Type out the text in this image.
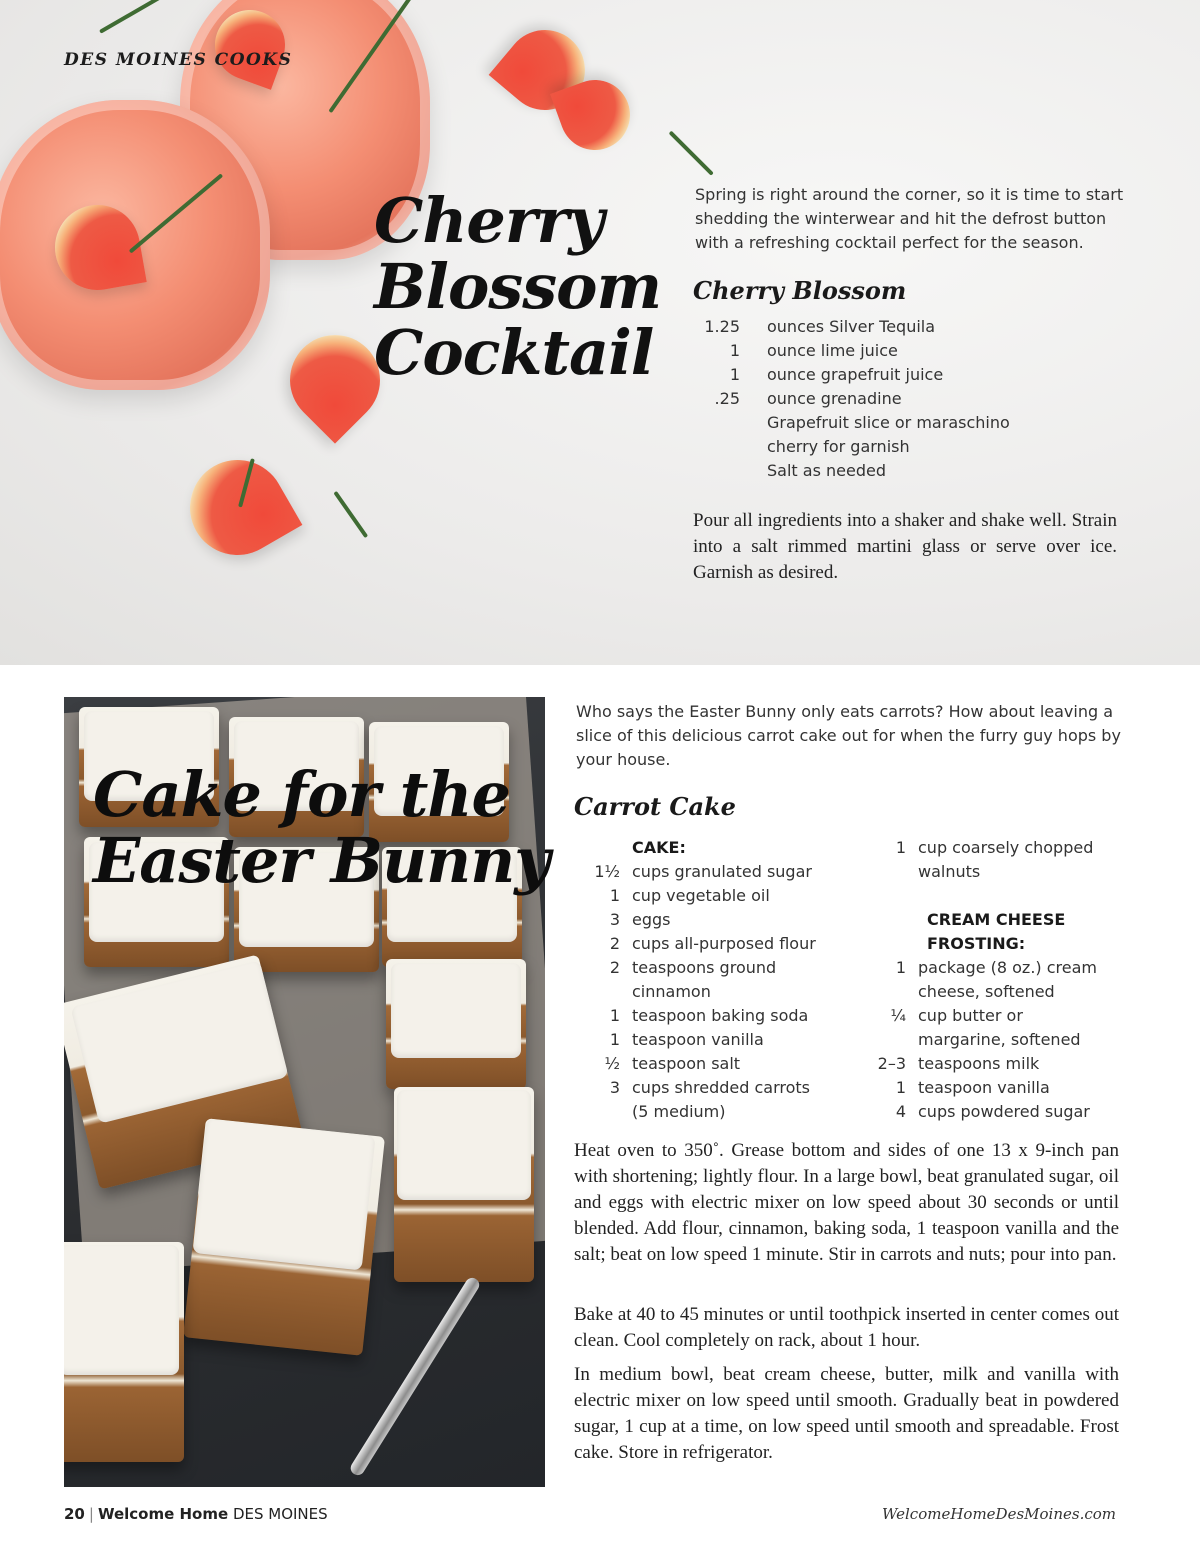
DES MOINES COOKS
Cherry
Blossom
Cocktail
Spring is right around the corner, so it is time to start shedding the winterwear and hit the defrost button with a refreshing cocktail perfect for the season.
Cherry Blossom
1.25	ounces Silver Tequila
1	ounce lime juice
1	ounce grapefruit juice
.25	ounce grenadine
Grapefruit slice or maraschino cherry for garnish
Salt as needed
Pour all ingredients into a shaker and shake well. Strain into a salt rimmed martini glass or serve over ice. Garnish as desired.
Cake for the
Easter Bunny
Who says the Easter Bunny only eats carrots? How about leaving a slice of this delicious carrot cake out for when the furry guy hops by your house.
Carrot Cake
CAKE:
1½ cups granulated sugar
1 cup vegetable oil
3 eggs
2 cups all-purposed flour
2 teaspoons ground cinnamon
1 teaspoon baking soda
1 teaspoon vanilla
½ teaspoon salt
3 cups shredded carrots (5 medium)
1 cup coarsely chopped walnuts
CREAM CHEESE
FROSTING:
1 package (8 oz.) cream cheese, softened
¼ cup butter or margarine, softened
2–3 teaspoons milk
1 teaspoon vanilla
4 cups powdered sugar
Heat oven to 350˚. Grease bottom and sides of one 13 x 9-inch pan with shortening; lightly flour. In a large bowl, beat granulated sugar, oil and eggs with electric mixer on low speed about 30 seconds or until blended. Add flour, cinnamon, baking soda, 1 teaspoon vanilla and the salt; beat on low speed 1 minute. Stir in carrots and nuts; pour into pan.
Bake at 40 to 45 minutes or until toothpick inserted in center comes out clean. Cool completely on rack, about 1 hour.
In medium bowl, beat cream cheese, butter, milk and vanilla with electric mixer on low speed until smooth. Gradually beat in powdered sugar, 1 cup at a time, on low speed until smooth and spreadable. Frost cake. Store in refrigerator.
20 | Welcome Home DES MOINES	WelcomeHomeDesMoines.com
